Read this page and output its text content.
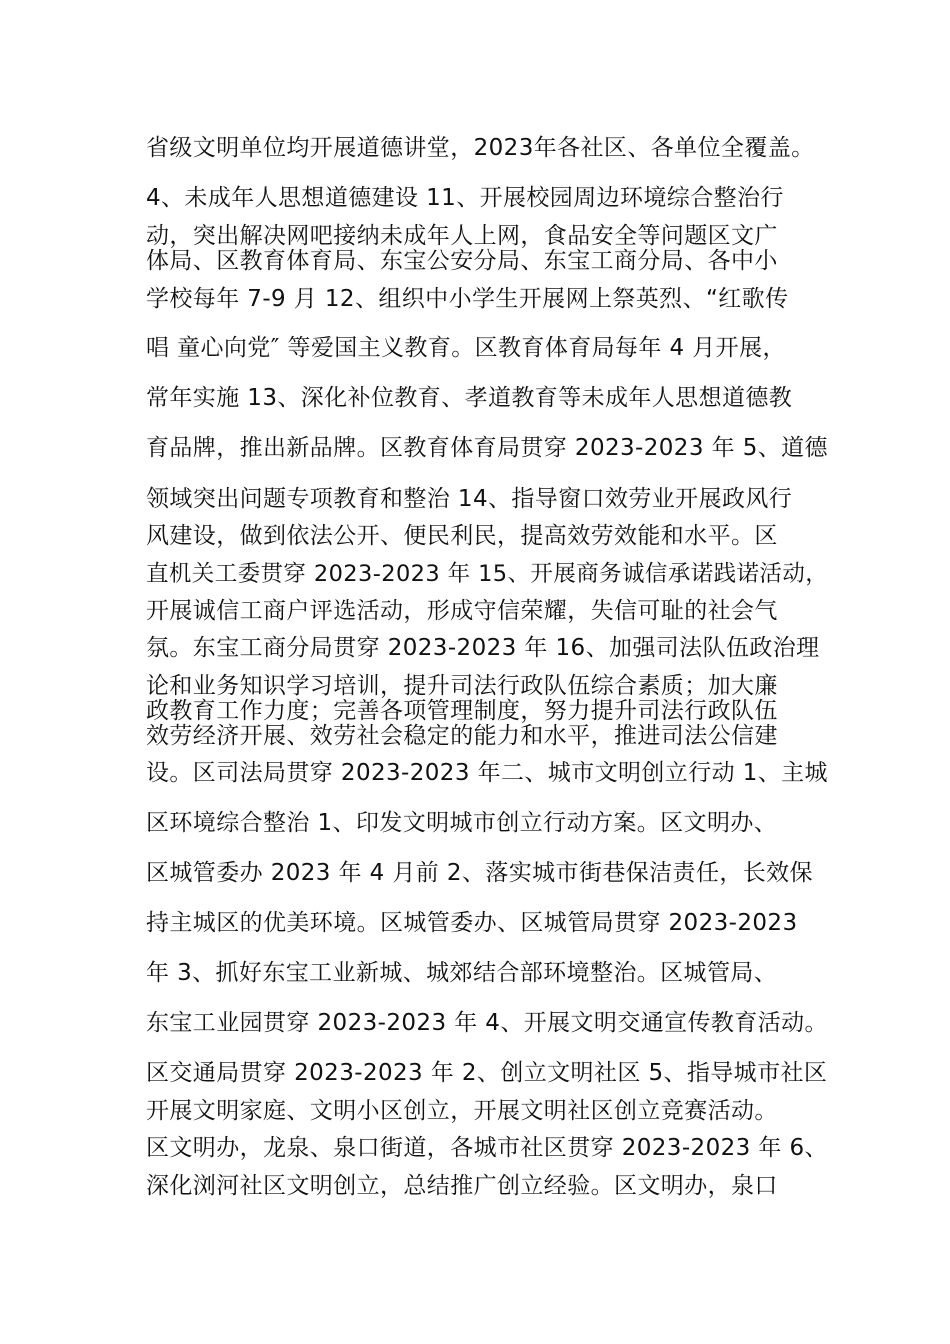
省级文明单位均开展道德讲堂，2023年各社区、各单位全覆盖。
4、未成年人思想道德建设 11、开展校园周边环境综合整治行
动，突出解决网吧接纳未成年人上网，食品安全等问题区文广
体局、区教育体育局、东宝公安分局、东宝工商分局、各中小
学校每年 7-9 月 12、组织中小学生开展网上祭英烈、“红歌传
唱 童心向党″ 等爱国主义教育。区教育体育局每年 4 月开展，
常年实施 13、深化补位教育、孝道教育等未成年人思想道德教
育品牌，推出新品牌。区教育体育局贯穿 2023-2023 年 5、道德
领域突出问题专项教育和整治 14、指导窗口效劳业开展政风行
风建设，做到依法公开、便民利民，提高效劳效能和水平。区
直机关工委贯穿 2023-2023 年 15、开展商务诚信承诺践诺活动，
开展诚信工商户评选活动，形成守信荣耀，失信可耻的社会气
氛。东宝工商分局贯穿 2023-2023 年 16、加强司法队伍政治理
论和业务知识学习培训，提升司法行政队伍综合素质；加大廉
政教育工作力度；完善各项管理制度，努力提升司法行政队伍
效劳经济开展、效劳社会稳定的能力和水平，推进司法公信建
设。区司法局贯穿 2023-2023 年二、城市文明创立行动 1、主城
区环境综合整治 1、印发文明城市创立行动方案。区文明办、
区城管委办 2023 年 4 月前 2、落实城市街巷保洁责任，长效保
持主城区的优美环境。区城管委办、区城管局贯穿 2023-2023
年 3、抓好东宝工业新城、城郊结合部环境整治。区城管局、
东宝工业园贯穿 2023-2023 年 4、开展文明交通宣传教育活动。
区交通局贯穿 2023-2023 年 2、创立文明社区 5、指导城市社区
开展文明家庭、文明小区创立，开展文明社区创立竞赛活动。
区文明办，龙泉、泉口街道，各城市社区贯穿 2023-2023 年 6、
深化浏河社区文明创立，总结推广创立经验。区文明办，泉口
